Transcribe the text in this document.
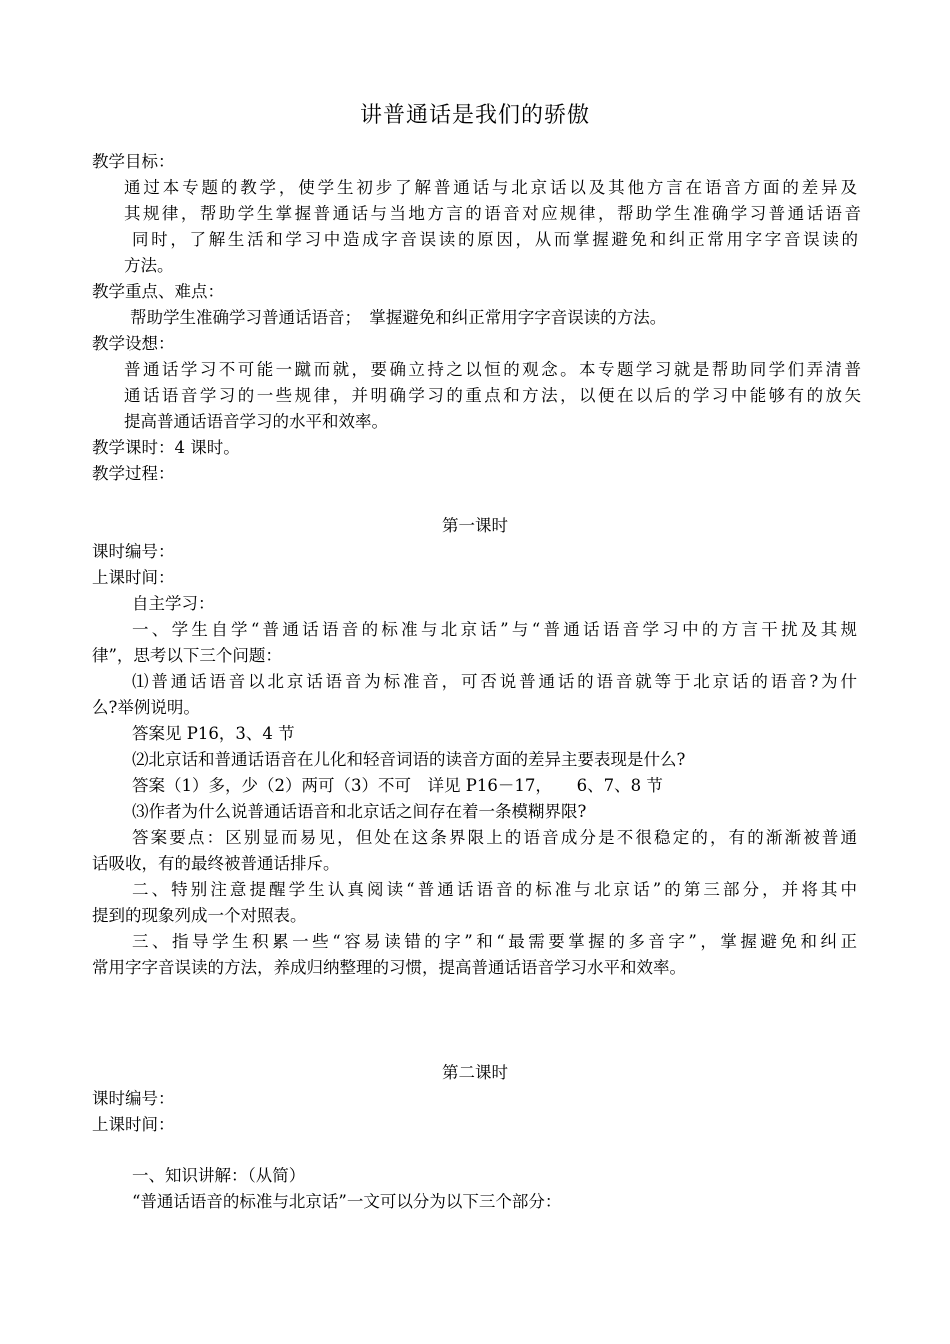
讲普通话是我们的骄傲
教学目标：
通过本专题的教学，使学生初步了解普通话与北京话以及其他方言在语音方面的差异及
其规律，帮助学生掌握普通话与当地方言的语音对应规律，帮助学生准确学习普通话语音
同时，了解生活和学习中造成字音误读的原因，从而掌握避免和纠正常用字字音误读的
方法。
教学重点、难点：
帮助学生准确学习普通话语音；　掌握避免和纠正常用字字音误读的方法。
教学设想：
普通话学习不可能一蹴而就，要确立持之以恒的观念。本专题学习就是帮助同学们弄清普
通话语音学习的一些规律，并明确学习的重点和方法，以便在以后的学习中能够有的放矢
提高普通话语音学习的水平和效率。
教学课时：4 课时。
教学过程：
第一课时
课时编号：
上课时间：
自主学习：
一、学生自学“普通话语音的标准与北京话”与“普通话语音学习中的方言干扰及其规
律”，思考以下三个问题：
⑴普通话语音以北京话语音为标准音，可否说普通话的语音就等于北京话的语音?为什
么?举例说明。
答案见 P16，3、4 节
⑵北京话和普通话语音在儿化和轻音词语的读音方面的差异主要表现是什么?
答案（1）多，少（2）两可（3）不可　详见 P16－17，　　6、7、8 节
⑶作者为什么说普通话语音和北京话之间存在着一条模糊界限?
答案要点：区别显而易见，但处在这条界限上的语音成分是不很稳定的，有的渐渐被普通
话吸收，有的最终被普通话排斥。
二、特别注意提醒学生认真阅读“普通话语音的标准与北京话”的第三部分，并将其中
提到的现象列成一个对照表。
三、指导学生积累一些“容易读错的字”和“最需要掌握的多音字”，掌握避免和纠正
常用字字音误读的方法，养成归纳整理的习惯，提高普通话语音学习水平和效率。
第二课时
课时编号：
上课时间：
一、知识讲解：（从简）
“普通话语音的标准与北京话”一文可以分为以下三个部分：
